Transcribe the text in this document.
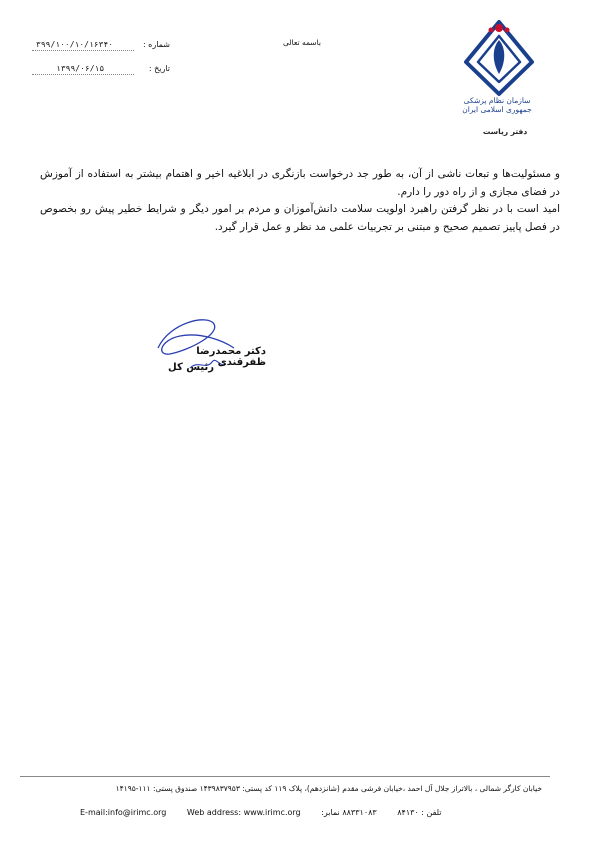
سازمان نظام پزشکی جمهوری اسلامی ایران
دفتر ریاست
باسمه تعالی
شماره :
۳۹۹/۱۰۰/۱۰/۱۶۳۴۰
تاریخ :
۱۳۹۹/۰۶/۱۵

و مسئولیت‌ها و تبعات ناشی از آن، به طور جد درخواست بازنگری در ابلاغیه اخیر و اهتمام بیشتر به استفاده از آموزش در فضای مجازی و از راه دور را دارم.

امید است با در نظر گرفتن راهبرد اولویت سلامت دانش‌آموزان و مردم بر امور دیگر و شرایط خطیر پیش رو بخصوص در فصل پاییز تصمیم صحیح و مبتنی بر تجربیات علمی مد نظر و عمل قرار گیرد.

دکتر محمدرضا ظفرقندی
رئیس کل
خیابان کارگر شمالی ، بالاتراز جلال آل احمد ،خیابان فرشی مقدم (شانزدهم)، پلاک ۱۱۹ کد پستی: ۱۴۳۹۸۳۷۹۵۳ صندوق پستی: ۱۱۱-۱۴۱۹۵
E-mail:info@irimc.org	Web address: www.irimc.org	۸۸۳۳۱۰۸۳ نمابر:	تلفن : ۸۴۱۳۰
